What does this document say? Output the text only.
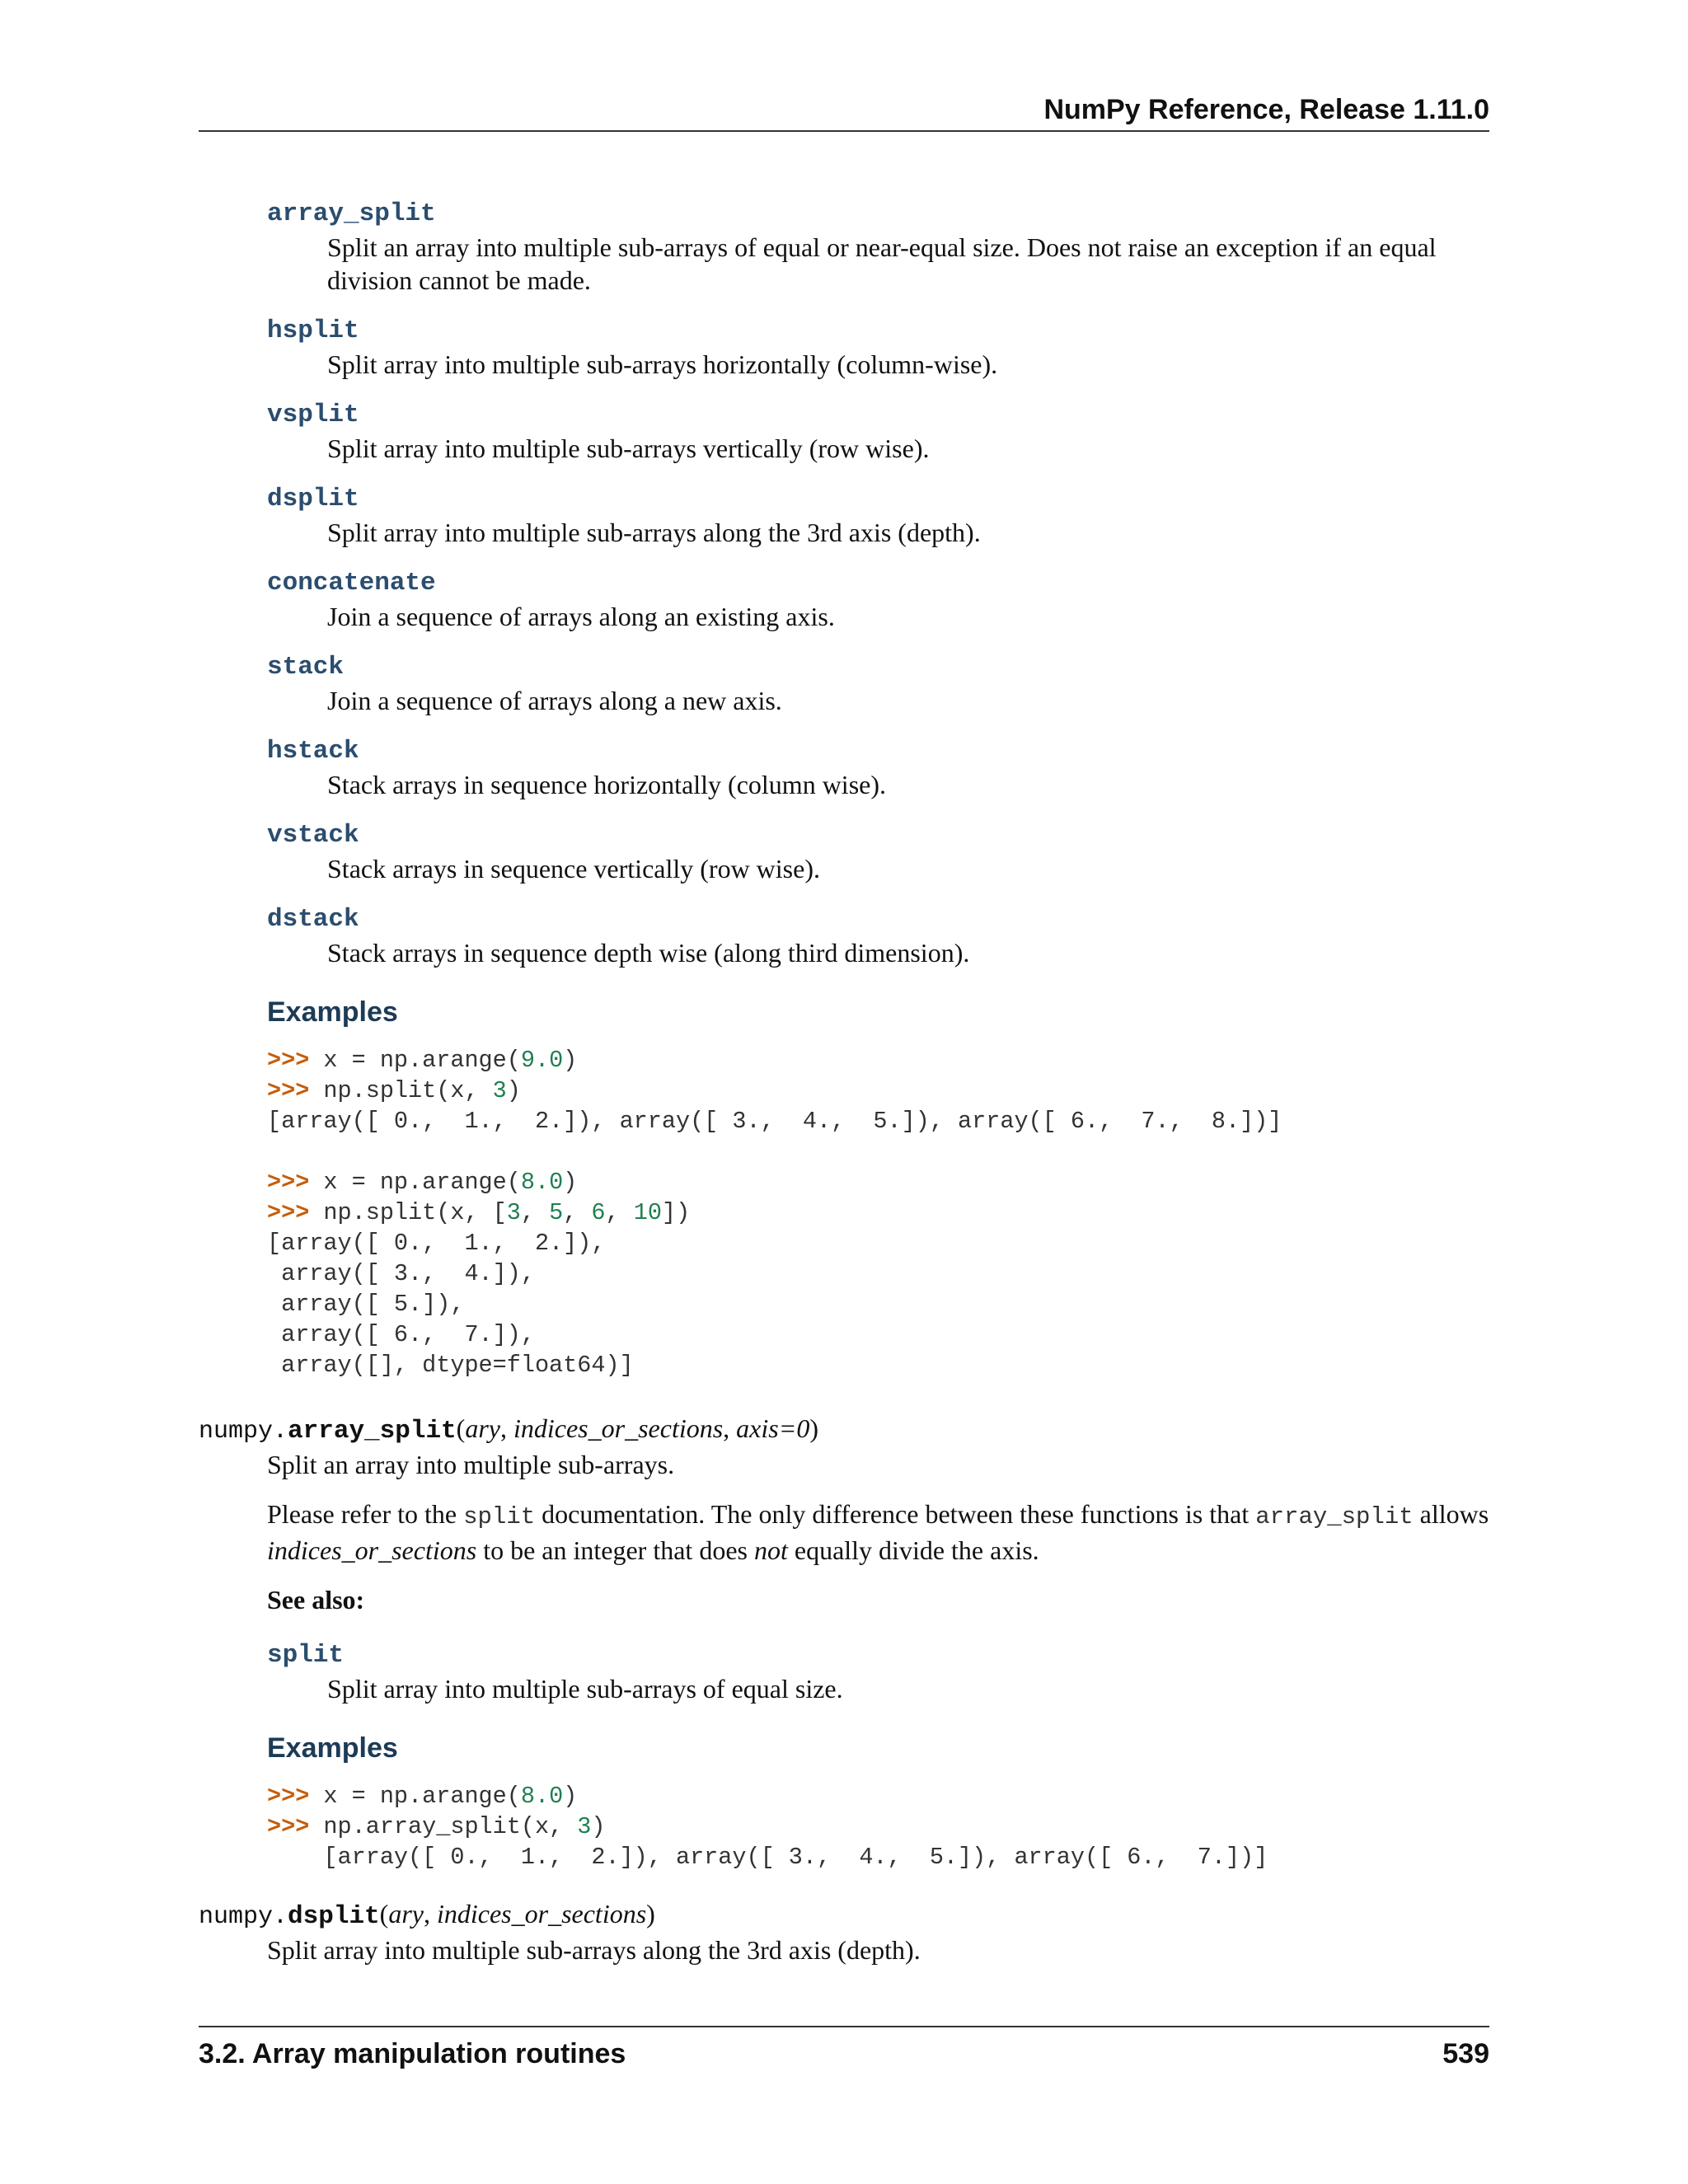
NumPy Reference, Release 1.11.0
array_split
Split an array into multiple sub-arrays of equal or near-equal size. Does not raise an exception if an equal division cannot be made.
hsplit
Split array into multiple sub-arrays horizontally (column-wise).
vsplit
Split array into multiple sub-arrays vertically (row wise).
dsplit
Split array into multiple sub-arrays along the 3rd axis (depth).
concatenate
Join a sequence of arrays along an existing axis.
stack
Join a sequence of arrays along a new axis.
hstack
Stack arrays in sequence horizontally (column wise).
vstack
Stack arrays in sequence vertically (row wise).
dstack
Stack arrays in sequence depth wise (along third dimension).
Examples
>>> x = np.arange(9.0)
>>> np.split(x, 3)
[array([ 0.,  1.,  2.]), array([ 3.,  4.,  5.]), array([ 6.,  7.,  8.])]
>>> x = np.arange(8.0)
>>> np.split(x, [3, 5, 6, 10])
[array([ 0.,  1.,  2.]),
array([ 3.,  4.]),
array([ 5.]),
array([ 6.,  7.]),
array([], dtype=float64)]
numpy.array_split(ary, indices_or_sections, axis=0)
Split an array into multiple sub-arrays.
Please refer to the split documentation. The only difference between these functions is that array_split allows indices_or_sections to be an integer that does not equally divide the axis.
See also:
split
Split array into multiple sub-arrays of equal size.
Examples
>>> x = np.arange(8.0)
>>> np.array_split(x, 3)
[array([ 0.,  1.,  2.]), array([ 3.,  4.,  5.]), array([ 6.,  7.])]
numpy.dsplit(ary, indices_or_sections)
Split array into multiple sub-arrays along the 3rd axis (depth).
3.2. Array manipulation routines	539
